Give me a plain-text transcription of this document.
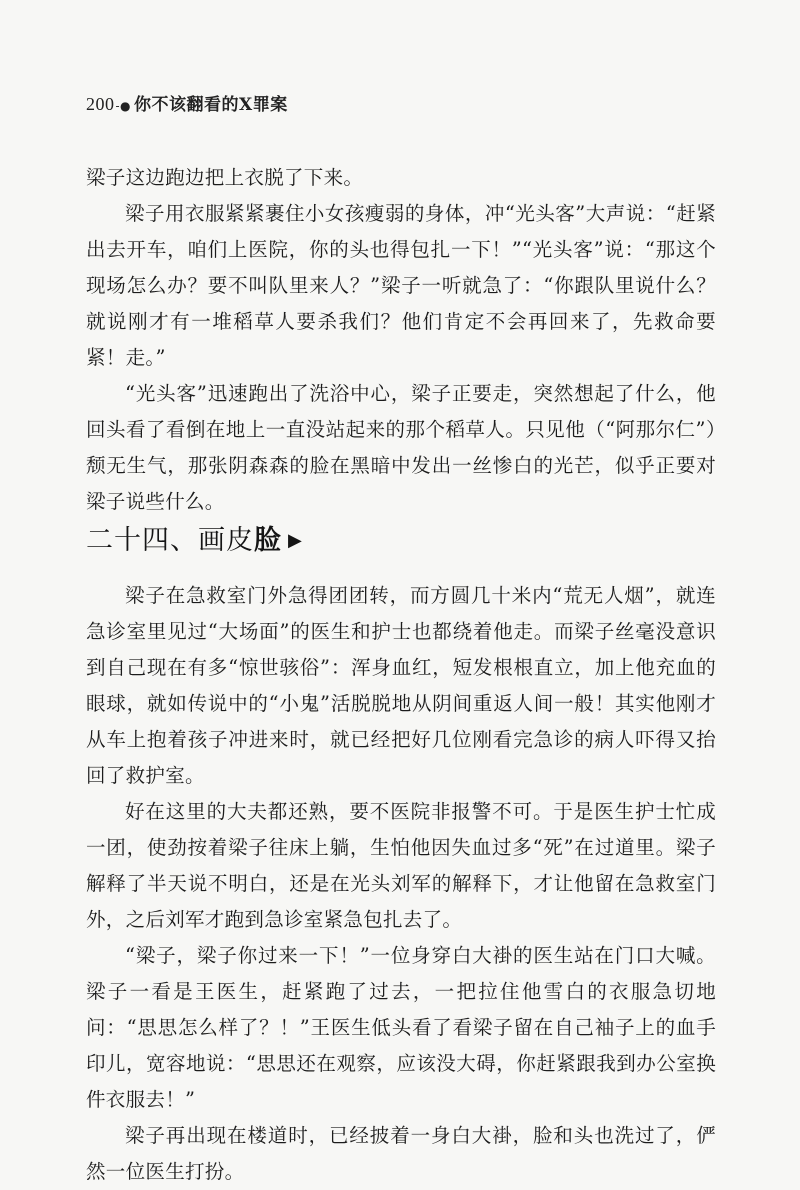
200-● 你不该翻看的X罪案

梁子这边跑边把上衣脱了下来。

梁子用衣服紧紧裹住小女孩瘦弱的身体，冲“光头客”大声说：“赶紧出去开车，咱们上医院，你的头也得包扎一下！”“光头客”说：“那这个现场怎么办？要不叫队里来人？”梁子一听就急了：“你跟队里说什么？就说刚才有一堆稻草人要杀我们？他们肯定不会再回来了，先救命要紧！走。”

“光头客”迅速跑出了洗浴中心，梁子正要走，突然想起了什么，他回头看了看倒在地上一直没站起来的那个稻草人。只见他（“阿那尔仁”）颓无生气，那张阴森森的脸在黑暗中发出一丝惨白的光芒，似乎正要对梁子说些什么。

二十四、画皮脸 ▶

梁子在急救室门外急得团团转，而方圆几十米内“荒无人烟”，就连急诊室里见过“大场面”的医生和护士也都绕着他走。而梁子丝毫没意识到自己现在有多“惊世骇俗”：浑身血红，短发根根直立，加上他充血的眼球，就如传说中的“小鬼”活脱脱地从阴间重返人间一般！其实他刚才从车上抱着孩子冲进来时，就已经把好几位刚看完急诊的病人吓得又抬回了救护室。

好在这里的大夫都还熟，要不医院非报警不可。于是医生护士忙成一团，使劲按着梁子往床上躺，生怕他因失血过多“死”在过道里。梁子解释了半天说不明白，还是在光头刘军的解释下，才让他留在急救室门外，之后刘军才跑到急诊室紧急包扎去了。

“梁子，梁子你过来一下！”一位身穿白大褂的医生站在门口大喊。梁子一看是王医生，赶紧跑了过去，一把拉住他雪白的衣服急切地问：“思思怎么样了？！”王医生低头看了看梁子留在自己袖子上的血手印儿，宽容地说：“思思还在观察，应该没大碍，你赶紧跟我到办公室换件衣服去！”

梁子再出现在楼道时，已经披着一身白大褂，脸和头也洗过了，俨然一位医生打扮。
